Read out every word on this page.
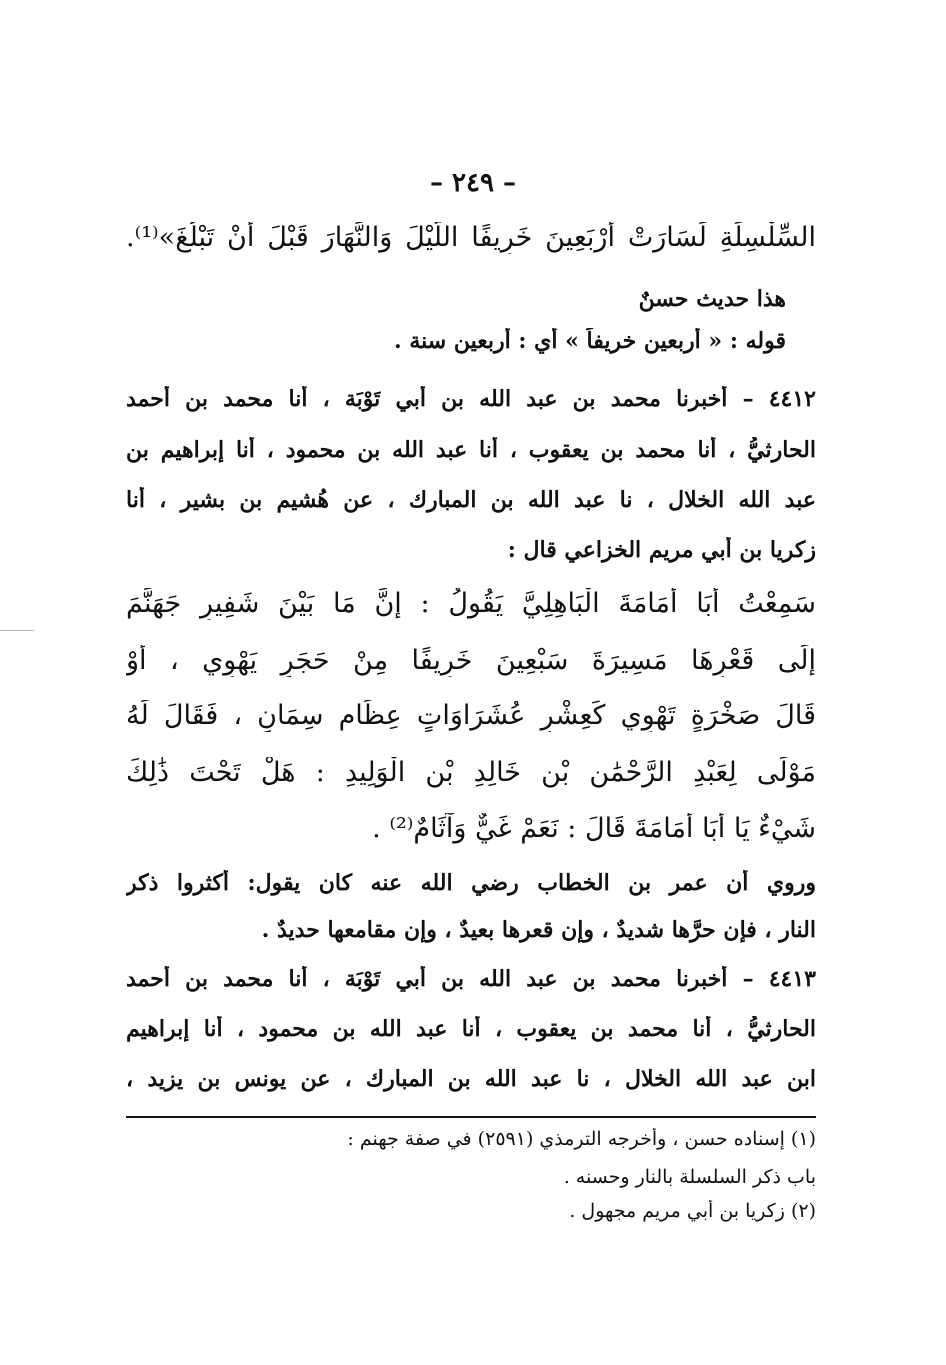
– ٢٤٩ –
السِّلْسِلَةِ لَسَارَتْ أَرْبَعِينَ خَرِيفًا اللَّيْلَ وَالنَّهَارَ قَبْلَ أَنْ تَبْلُغَ»⁽¹⁾.
هذا حديث حسنٌ
قوله : « أربعين خريفاً » أي : أربعين سنة .
٤٤١٢ – أخبرنا محمد بن عبد الله بن أبي تَوْبَة ، أنا محمد بن أحمد
الحارثيُّ ، أنا محمد بن يعقوب ، أنا عبد الله بن محمود ، أنا إبراهيم بن
عبد الله الخلال ، نا عبد الله بن المبارك ، عن هُشيم بن بشير ، أنا
زكريا بن أبي مريم الخزاعي قال :
سَمِعْتُ أَبَا أُمَامَةَ الْبَاهِلِيَّ يَقُولُ : إِنَّ مَا بَيْنَ شَفِيرِ جَهَنَّمَ
إِلَى قَعْرِهَا مَسِيرَةَ سَبْعِينَ خَرِيفًا مِنْ حَجَرٍ يَهْوِي ، أَوْ
قَالَ صَخْرَةٍ تَهْوِي كَعِشْرِ عُشَرَاوَاتٍ عِظَامٍ سِمَانٍ ، فَقَالَ لَهُ
مَوْلًى لِعَبْدِ الرَّحْمَٰنِ بْنِ خَالِدِ بْنِ الْوَلِيدِ : هَلْ تَحْتَ ذَٰلِكَ
شَيْءٌ يَا أَبَا أُمَامَةَ قَالَ : نَعَمْ غَيٌّ وَآثَامٌ⁽²⁾ .
وروي أن عمر بن الخطاب رضي الله عنه كان يقول: أكثروا ذكر
النار ، فإن حرَّها شديدٌ ، وإن قعرها بعيدٌ ، وإن مقامعها حديدٌ .
٤٤١٣ – أخبرنا محمد بن عبد الله بن أبي تَوْبَة ، أنا محمد بن أحمد
الحارثيُّ ، أنا محمد بن يعقوب ، أنا عبد الله بن محمود ، أنا إبراهيم
ابن عبد الله الخلال ، نا عبد الله بن المبارك ، عن يونس بن يزيد ،
(١) إسناده حسن ، وأخرجه الترمذي (٢٥٩١) في صفة جهنم :
باب ذكر السلسلة بالنار وحسنه .
(٢) زكريا بن أبي مريم مجهول .
